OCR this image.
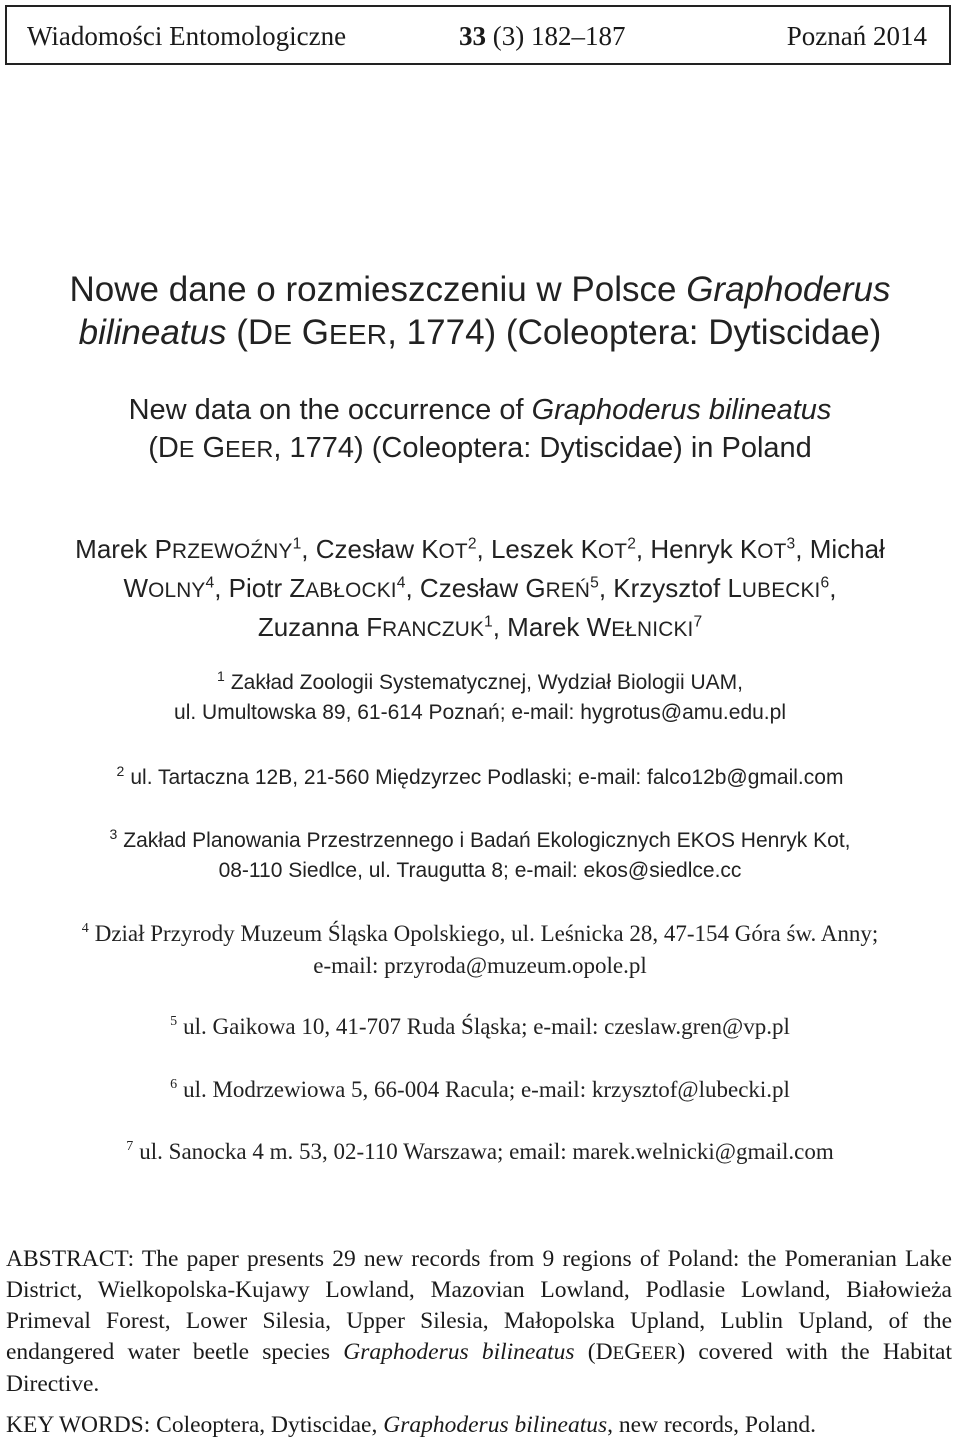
Wiadomości Entomologiczne	33 (3) 182–187	Poznań 2014
Nowe dane o rozmieszczeniu w Polsce Graphoderus
bilineatus (DE GEER, 1774) (Coleoptera: Dytiscidae)
New data on the occurrence of Graphoderus bilineatus
(DE GEER, 1774) (Coleoptera: Dytiscidae) in Poland
Marek PRZEWOŹNY$^1$, Czesław KOT$^2$, Leszek KOT$^2$, Henryk KOT$^3$, Michał
WOLNY$^4$, Piotr ZABŁOCKI$^4$, Czesław GREŃ$^5$, Krzysztof LUBECKI$^6$,
Zuzanna FRANCZUK$^1$, Marek WEŁNICKI$^7$
$^1$ Zakład Zoologii Systematycznej, Wydział Biologii UAM,
ul. Umultowska 89, 61-614 Poznań; e-mail: hygrotus@amu.edu.pl
$^2$ ul. Tartaczna 12B, 21-560 Międzyrzec Podlaski; e-mail: falco12b@gmail.com
$^3$ Zakład Planowania Przestrzennego i Badań Ekologicznych EKOS Henryk Kot,
08-110 Siedlce, ul. Traugutta 8; e-mail: ekos@siedlce.cc
$^4$ Dział Przyrody Muzeum Śląska Opolskiego, ul. Leśnicka 28, 47-154 Góra św. Anny;
e-mail: przyroda@muzeum.opole.pl
$^5$ ul. Gaikowa 10, 41-707 Ruda Śląska; e-mail: czeslaw.gren@vp.pl
$^6$ ul. Modrzewiowa 5, 66-004 Racula; e-mail: krzysztof@lubecki.pl
$^7$ ul. Sanocka 4 m. 53, 02-110 Warszawa; email: marek.welnicki@gmail.com

ABSTRACT: The paper presents 29 new records from 9 regions of Poland: the Pomeranian Lake District, Wielkopolska-Kujawy Lowland, Mazovian Lowland, Podlasie Lowland, Białowieża Primeval Forest, Lower Silesia, Upper Silesia, Małopolska Upland, Lublin Upland, of the endangered water beetle species Graphoderus bilineatus (DEGEER) covered with the Habitat Directive.

KEY WORDS: Coleoptera, Dytiscidae, Graphoderus bilineatus, new records, Poland.
